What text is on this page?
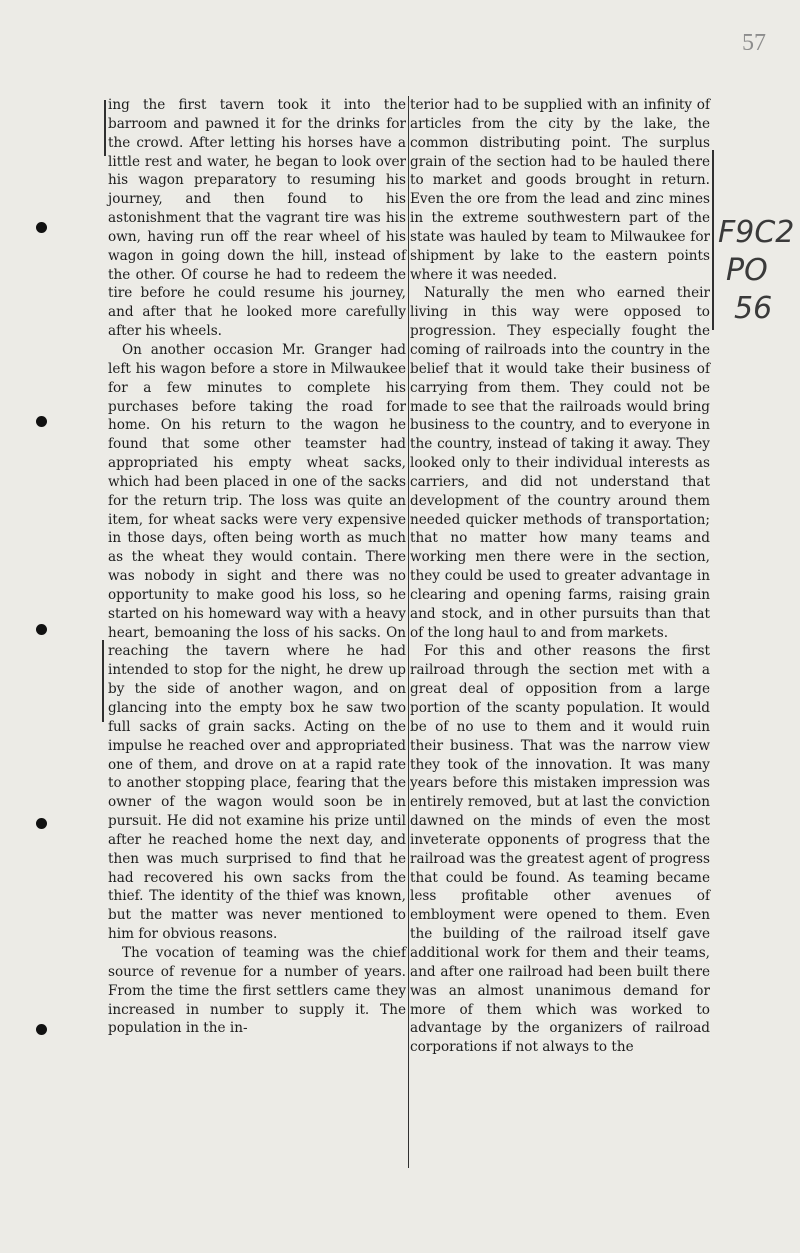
57

ing the first tavern took it into the barroom and pawned it for the drinks for the crowd. After letting his horses have a little rest and water, he began to look over his wagon preparatory to resuming his journey, and then found to his astonishment that the vagrant tire was his own, having run off the rear wheel of his wagon in going down the hill, instead of the other. Of course he had to redeem the tire before he could resume his journey, and after that he looked more carefully after his wheels.

On another occasion Mr. Granger had left his wagon before a store in Milwaukee for a few minutes to complete his purchases before taking the road for home. On his return to the wagon he found that some other teamster had appropriated his empty wheat sacks, which had been placed in one of the sacks for the return trip. The loss was quite an item, for wheat sacks were very expensive in those days, often being worth as much as the wheat they would contain. There was nobody in sight and there was no opportunity to make good his loss, so he started on his homeward way with a heavy heart, bemoaning the loss of his sacks. On reaching the tavern where he had intended to stop for the night, he drew up by the side of another wagon, and on glancing into the empty box he saw two full sacks of grain sacks. Acting on the impulse he reached over and appropriated one of them, and drove on at a rapid rate to another stopping place, fearing that the owner of the wagon would soon be in pursuit. He did not examine his prize until after he reached home the next day, and then was much surprised to find that he had recovered his own sacks from the thief. The identity of the thief was known, but the matter was never mentioned to him for obvious reasons.

The vocation of teaming was the chief source of revenue for a number of years. From the time the first settlers came they increased in number to supply it. The population in the in-

terior had to be supplied with an infinity of articles from the city by the lake, the common distributing point. The surplus grain of the section had to be hauled there to market and goods brought in return. Even the ore from the lead and zinc mines in the extreme southwestern part of the state was hauled by team to Milwaukee for shipment by lake to the eastern points where it was needed.

Naturally the men who earned their living in this way were opposed to progression. They especially fought the coming of railroads into the country in the belief that it would take their business of carrying from them. They could not be made to see that the railroads would bring business to the country, and to everyone in the country, instead of taking it away. They looked only to their individual interests as carriers, and did not understand that development of the country around them needed quicker methods of transportation; that no matter how many teams and working men there were in the section, they could be used to greater advantage in clearing and opening farms, raising grain and stock, and in other pursuits than that of the long haul to and from markets.

For this and other reasons the first railroad through the section met with a great deal of opposition from a large portion of the scanty population. It would be of no use to them and it would ruin their business. That was the narrow view they took of the innovation. It was many years before this mistaken impression was entirely removed, but at last the conviction dawned on the minds of even the most inveterate opponents of progress that the railroad was the greatest agent of progress that could be found. As teaming became less profitable other avenues of embloyment were opened to them. Even the building of the railroad itself gave additional work for them and their teams, and after one railroad had been built there was an almost unanimous demand for more of them which was worked to advantage by the organizers of railroad corporations if not always to the

F9C2
PO
56
